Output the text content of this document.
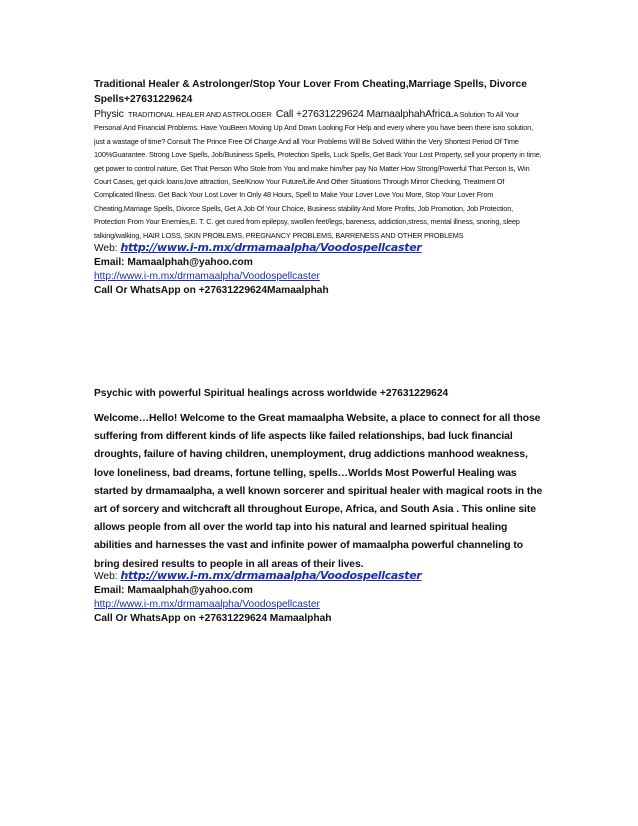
Traditional Healer & Astrolonger/Stop Your Lover From Cheating,Marriage Spells, Divorce Spells+27631229624

Physic TRADITIONAL HEALER AND ASTROLOGER Call +27631229624 MamaalphahAfrica.A Solution To All Your Personal And Financial Problems. Have YouBeen Moving Up And Down Looking For Help and every where you have been there isno solution, just a wastage of time? Consult The Prince Free Of Charge And all Your Problems Will Be Solved Within the Very Shortest Period Of Time 100%Guarantee. Strong Love Spells, Job/Business Spells, Protection Spells, Luck Spells, Get Back Your Lost Property, sell your property in time, get power to control nature, Get That Person Who Stole from You and make him/her pay No Matter How Strong/Powerful That Person Is, Win Court Cases, get quick loans,love attraction, See/Know Your Future/Life And Other Situations Through Mirror Checking, Treatment Of Complicated Illness. Get Back Your Lost Lover In Only 48 Hours, Spell to Make Your Lover Love You More, Stop Your Lover From Cheating,Marriage Spells, Divorce Spells, Get A Job Of Your Choice, Business stability And More Profits, Job Promotion, Job Protection, Protection From Your Enemies,E. T. C. get cured from epilepsy, swollen feet/legs, bareness, addiction,stress, mental illness, snoring, sleep talking/walking, HAIR LOSS, SKIN PROBLEMS, PREGNANCY PROBLEMS, BARRENESS AND OTHER PROBLEMS

Web: http://www.i-m.mx/drmamaalpha/Voodospellcaster
Email: Mamaalphah@yahoo.com
http://www.i-m.mx/drmamaalpha/Voodospellcaster
Call Or WhatsApp on +27631229624Mamaalphah
Psychic with powerful Spiritual healings across worldwide +27631229624
Welcome…Hello! Welcome to the Great mamaalpha Website, a place to connect for all those suffering from different kinds of life aspects like failed relationships, bad luck financial droughts, failure of having children, unemployment, drug addictions manhood weakness, love loneliness, bad dreams, fortune telling, spells…Worlds Most Powerful Healing was started by drmamaalpha, a well known sorcerer and spiritual healer with magical roots in the art of sorcery and witchcraft all throughout Europe, Africa, and South Asia . This online site allows people from all over the world tap into his natural and learned spiritual healing abilities and harnesses the vast and infinite power of mamaalpha powerful channeling to bring desired results to people in all areas of their lives.
Web: http://www.i-m.mx/drmamaalpha/Voodospellcaster
Email: Mamaalphah@yahoo.com
http://www.i-m.mx/drmamaalpha/Voodospellcaster
Call Or WhatsApp on +27631229624 Mamaalphah
